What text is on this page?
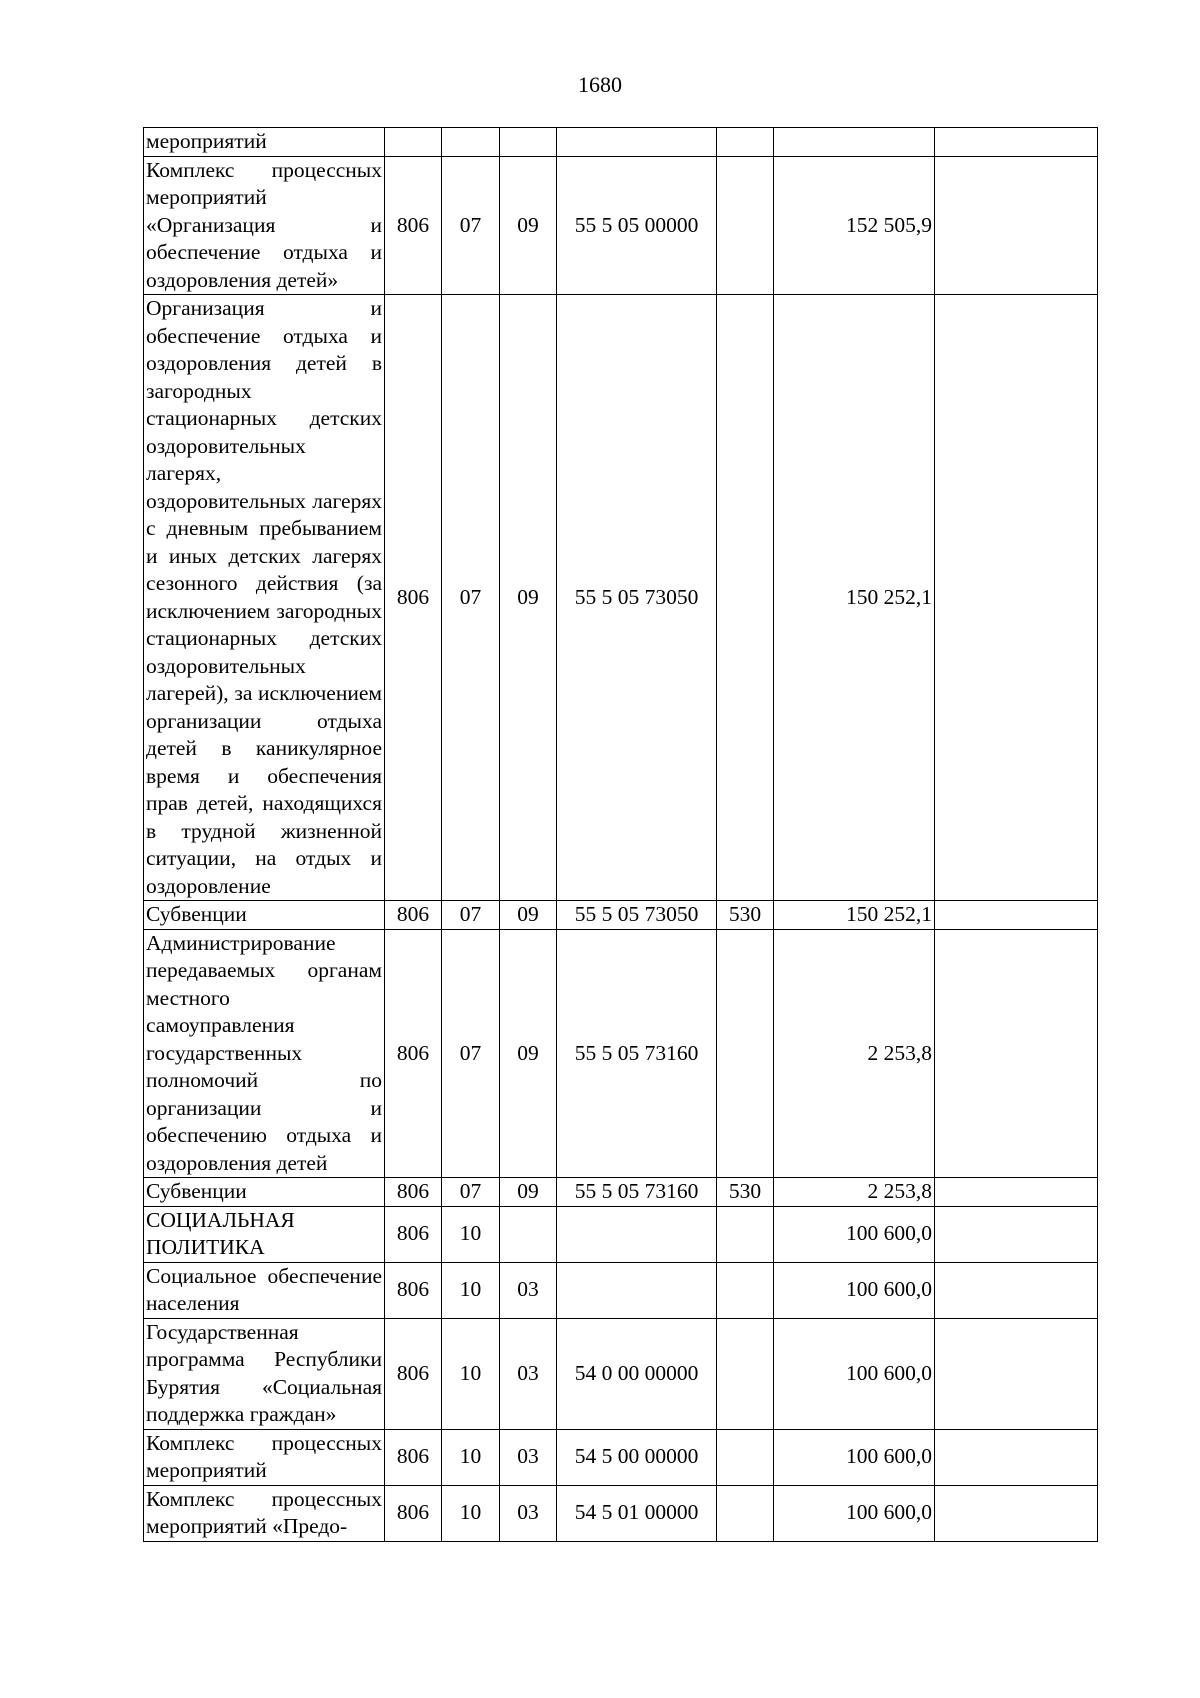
1680
мероприятий							
Комплекс процессных мероприятий «Организация и обеспечение отдыха и оздоровления детей»	806	07	09	55 5 05 00000		152 505,9	
Организация и обеспечение отдыха и оздоровления детей в загородных стационарных детских оздоровительных лагерях, оздоровительных лагерях с дневным пребыванием и иных детских лагерях сезонного действия (за исключением загородных стационарных детских оздоровительных лагерей), за исключением организации отдыха детей в каникулярное время и обеспечения прав детей, находящихся в трудной жизненной ситуации, на отдых и оздоровление	806	07	09	55 5 05 73050		150 252,1	
Субвенции	806	07	09	55 5 05 73050	530	150 252,1	
Администрирование передаваемых органам местного самоуправления государственных полномочий по организации и обеспечению отдыха и оздоровления детей	806	07	09	55 5 05 73160		2 253,8	
Субвенции	806	07	09	55 5 05 73160	530	2 253,8	
СОЦИАЛЬНАЯ ПОЛИТИКА	806	10				100 600,0	
Социальное обеспечение населения	806	10	03			100 600,0	
Государственная программа Республики Бурятия «Социальная поддержка граждан»	806	10	03	54 0 00 00000		100 600,0	
Комплекс процессных мероприятий	806	10	03	54 5 00 00000		100 600,0	
Комплекс процессных мероприятий «Предо-	806	10	03	54 5 01 00000		100 600,0	
